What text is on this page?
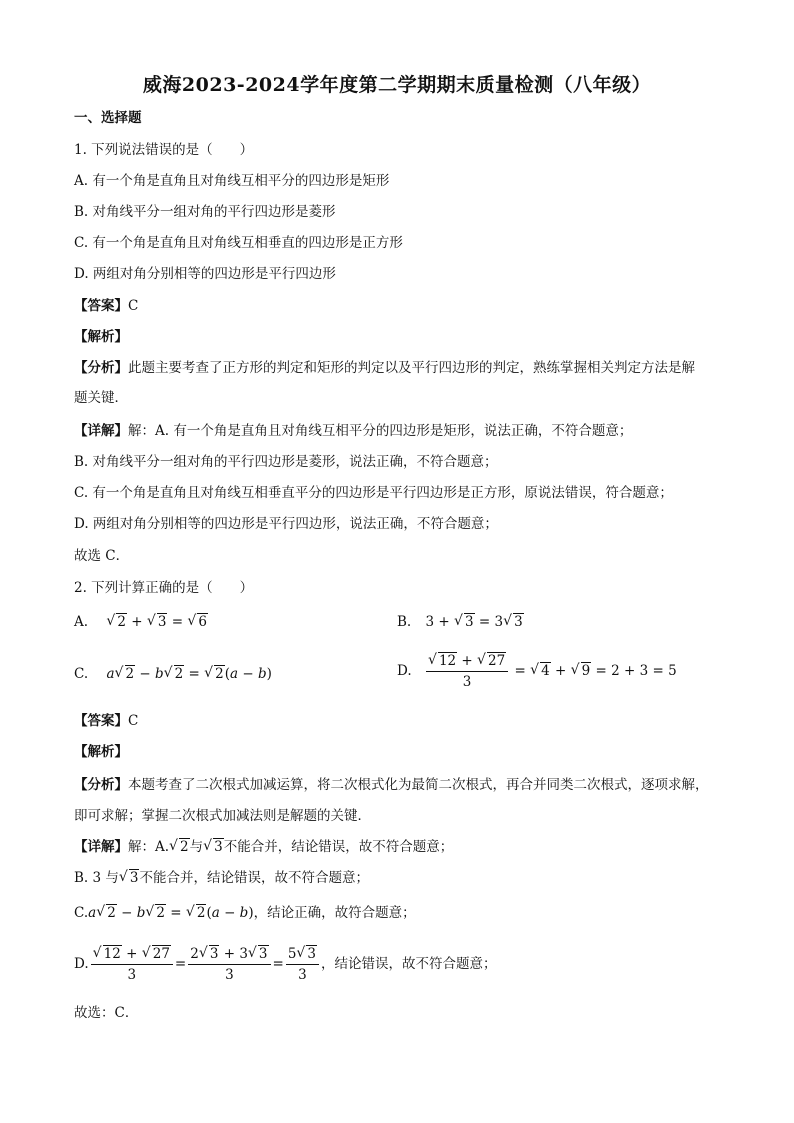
威海2023-2024学年度第二学期期末质量检测（八年级）
一、选择题
1. 下列说法错误的是（　　）
A. 有一个角是直角且对角线互相平分的四边形是矩形
B. 对角线平分一组对角的平行四边形是菱形
C. 有一个角是直角且对角线互相垂直的四边形是正方形
D. 两组对角分别相等的四边形是平行四边形
【答案】C
【解析】
【分析】此题主要考查了正方形的判定和矩形的判定以及平行四边形的判定，熟练掌握相关判定方法是解
题关键．
【详解】解：A. 有一个角是直角且对角线互相平分的四边形是矩形，说法正确，不符合题意；
B. 对角线平分一组对角的平行四边形是菱形，说法正确，不符合题意；
C. 有一个角是直角且对角线互相垂直平分的四边形是平行四边形是正方形，原说法错误，符合题意；
D. 两组对角分别相等的四边形是平行四边形，说法正确，不符合题意；
故选 C．
2. 下列计算正确的是（　　）
A. √ 2 + √ 3 = √ 6	B. 3 + √ 3 = 3 √ 3
C. a √ 2 − b √ 2 = √ 2(a − b)	D. √ $\frac{12 + √ 27}{3}$ = √ 4 + √ 9 = 2 + 3 = 5
【答案】C
【解析】
【分析】本题考查了二次根式加减运算，将二次根式化为最简二次根式，再合并同类二次根式，逐项求解，
即可求解；掌握二次根式加减法则是解题的关键．
【详解】解：A. √ 2与 √ 3不能合并，结论错误，故不符合题意；
B. 3 与 √ 3不能合并，结论错误，故不符合题意；
C.a √ 2 − b √ 2 = √ 2(a − b)，结论正确，故符合题意；
D. √ $\frac{12 + √ 27}{3} = \frac{2 √ 3 + 3 √ 3}{3} = \frac{5 √ 3}{3}$ ，结论错误，故不符合题意；
故选：C．
